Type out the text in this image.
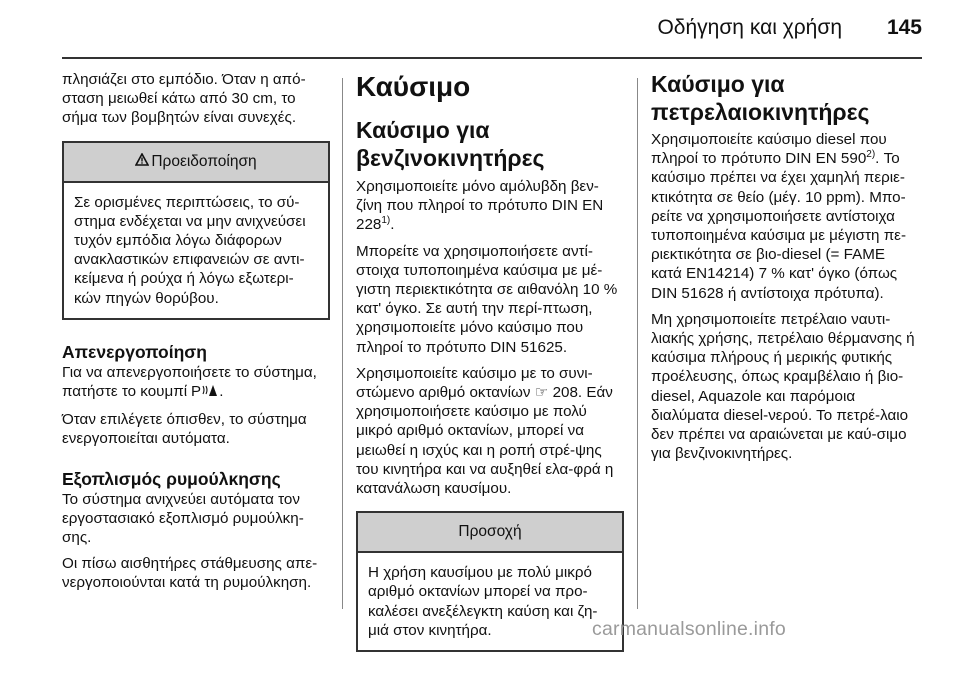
Οδήγηση και χρήση 145

πλησιάζει στο εμπόδιο. Όταν η από-σταση μειωθεί κάτω από 30 cm, το σήμα των βομβητών είναι συνεχές.

Προειδοποίηση
Σε ορισμένες περιπτώσεις, το σύ-στημα ενδέχεται να μην ανιχνεύσει τυχόν εμπόδια λόγω διάφορων ανακλαστικών επιφανειών σε αντι-κείμενα ή ρούχα ή λόγω εξωτερι-κών πηγών θορύβου.
Απενεργοποίηση

Για να απενεργοποιήσετε το σύστημα, πατήστε το κουμπί P .

Όταν επιλέγετε όπισθεν, το σύστημα ενεργοποιείται αυτόματα.

Εξοπλισμός ρυμούλκησης

Το σύστημα ανιχνεύει αυτόματα τον εργοστασιακό εξοπλισμό ρυμούλκη-σης.

Οι πίσω αισθητήρες στάθμευσης απε-νεργοποιούνται κατά τη ρυμούλκηση.

Καύσιμο
Καύσιμο για βενζινοκινητήρες

Χρησιμοποιείτε μόνο αμόλυβδη βεν-ζίνη που πληροί το πρότυπο DIN EN 228$^{1)}$.

Μπορείτε να χρησιμοποιήσετε αντί-στοιχα τυποποιημένα καύσιμα με μέ-γιστη περιεκτικότητα σε αιθανόλη 10 % κατ' όγκο. Σε αυτή την περί-πτωση, χρησιμοποιείτε μόνο καύσιμο που πληροί το πρότυπο DIN 51625.

Χρησιμοποιείτε καύσιμο με το συνι-στώμενο αριθμό οκτανίων ☞ 208. Εάν χρησιμοποιήσετε καύσιμο με πολύ μικρό αριθμό οκτανίων, μπορεί να μειωθεί η ισχύς και η ροπή στρέ-ψης του κινητήρα και να αυξηθεί ελα-φρά η κατανάλωση καυσίμου.

Προσοχή
Η χρήση καυσίμου με πολύ μικρό αριθμό οκτανίων μπορεί να προ-καλέσει ανεξέλεγκτη καύση και ζη-μιά στον κινητήρα.
Καύσιμο για πετρελαιοκινητήρες

Χρησιμοποιείτε καύσιμο diesel που πληροί το πρότυπο DIN EN 590$^{2)}$. Το καύσιμο πρέπει να έχει χαμηλή περιε-κτικότητα σε θείο (μέγ. 10 ppm). Μπο-ρείτε να χρησιμοποιήσετε αντίστοιχα τυποποιημένα καύσιμα με μέγιστη πε-ριεκτικότητα σε βιο-diesel (= FAME κατά EN14214) 7 % κατ' όγκο (όπως DIN 51628 ή αντίστοιχα πρότυπα).

Μη χρησιμοποιείτε πετρέλαιο ναυτι-λιακής χρήσης, πετρέλαιο θέρμανσης ή καύσιμα πλήρους ή μερικής φυτικής προέλευσης, όπως κραμβέλαιο ή βιο-diesel, Aquazole και παρόμοια διαλύματα diesel-νερού. Το πετρέ-λαιο δεν πρέπει να αραιώνεται με καύ-σιμο για βενζινοκινητήρες.

carmanualsonline.info
